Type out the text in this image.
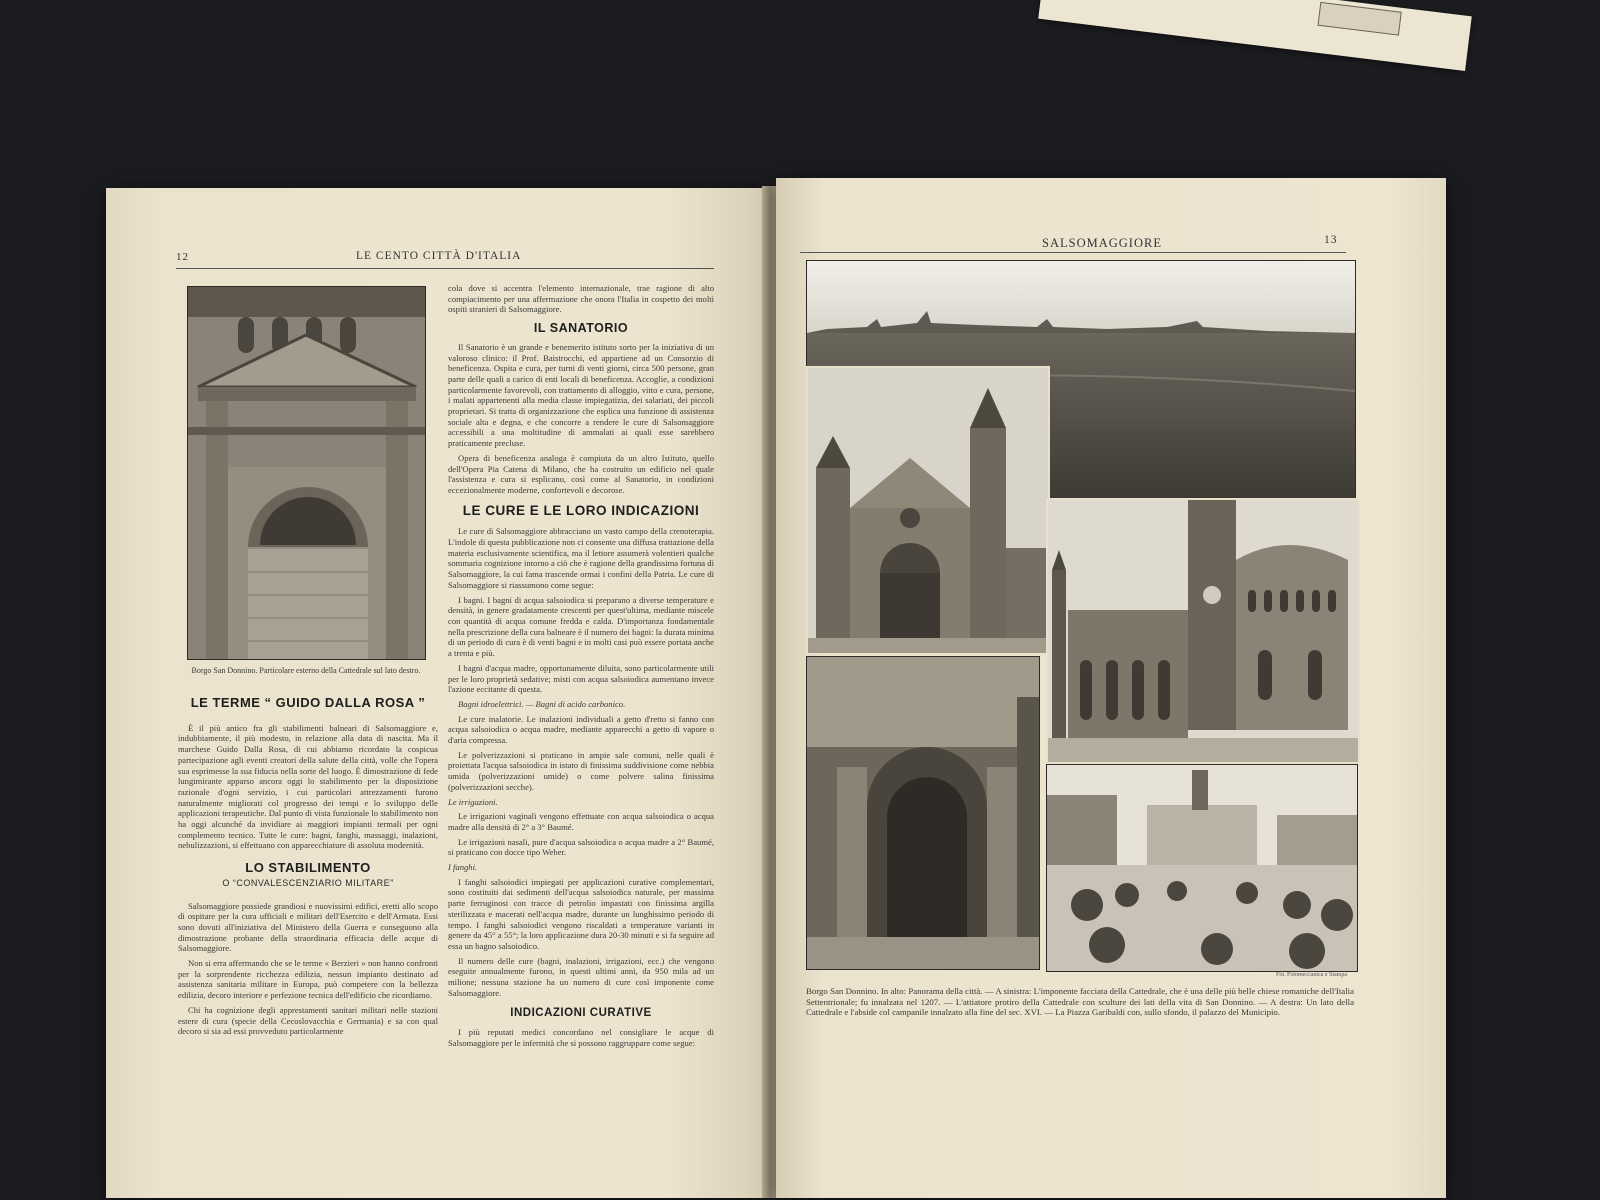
12	LE CENTO CITTÀ D'ITALIA
Borgo San Donnino. Particolare esterno della Cattedrale sul lato destro.
LE TERME “ GUIDO DALLA ROSA ”

È il più antico fra gli stabilimenti balneari di Salsomaggiore e, indubbiamente, il più modesto, in relazione alla data di nascita. Ma il marchese Guido Dalla Rosa, di cui abbiamo ricordato la cospicua partecipazione agli eventi creatori della salute della città, volle che l'opera sua esprimesse la sua fiducia nella sorte del luogo. È dimostrazione di fede lungimirante apparso ancora oggi lo stabilimento per la disposizione razionale d'ogni servizio, i cui particolari attrezzamenti furono naturalmente migliorati col progresso dei tempi e lo sviluppo delle applicazioni terapeutiche. Dal punto di vista funzionale lo stabilimento non ha oggi alcunché da invidiare ai maggiori impianti termali per ogni complemento tecnico. Tutte le cure: bagni, fanghi, massaggi, inalazioni, nebulizzazioni, si effettuano con apparecchiature di assoluta modernità.

LO STABILIMENTO
O “CONVALESCENZIARIO MILITARE”

Salsomaggiore possiede grandiosi e nuovissimi edifici, eretti allo scopo di ospitare per la cura ufficiali e militari dell'Esercito e dell'Armata. Essi sono dovuti all'iniziativa del Ministero della Guerra e conseguono alla dimostrazione probante della straordinaria efficacia delle acque di Salsomaggiore.

Non si erra affermando che se le terme « Berzieri » non hanno confronti per la sorprendente ricchezza edilizia, nessun impianto destinato ad assistenza sanitaria militare in Europa, può competere con la bellezza edilizia, decoro interiore e perfezione tecnica dell'edificio che ricordiamo.

Chi ha cognizione degli apprestamenti sanitari militari nelle stazioni estere di cura (specie della Cecoslovacchia e Germania) e sa con qual decoro si sia ad essi provveduto particolarmente

cola dove si accentra l'elemento internazionale, trae ragione di alto compiacimento per una affermazione che onora l'Italia in cospetto dei molti ospiti stranieri di Salsomaggiore.

IL SANATORIO

Il Sanatorio è un grande e benemerito istituto sorto per la iniziativa di un valoroso clinico: il Prof. Baistrocchi, ed appartiene ad un Consorzio di beneficenza. Ospita e cura, per turni di venti giorni, circa 500 persone, gran parte delle quali a carico di enti locali di beneficenza. Accoglie, a condizioni particolarmente favorevoli, con trattamento di alloggio, vitto e cura, persone, i malati appartenenti alla media classe impiegatizia, dei salariati, dei piccoli proprietari. Si tratta di organizzazione che esplica una funzione di assistenza sociale alta e degna, e che concorre a rendere le cure di Salsomaggiore accessibili a una moltitudine di ammalati ai quali esse sarebbero praticamente precluse.

Opera di beneficenza analoga è compiuta da un altro Istituto, quello dell'Opera Pia Catena di Milano, che ha costruito un edificio nel quale l'assistenza e cura si esplicano, così come al Sanatorio, in condizioni eccezionalmente moderne, confortevoli e decorose.

LE CURE E LE LORO INDICAZIONI

Le cure di Salsomaggiore abbracciano un vasto campo della crenoterapia. L'indole di questa pubblicazione non ci consente una diffusa trattazione della materia esclusivamente scientifica, ma il lettore assumerà volentieri qualche sommaria cognizione intorno a ciò che è ragione della grandissima fortuna di Salsomaggiore, la cui fama trascende ormai i confini della Patria. Le cure di Salsomaggiore si riassumono come segue:

I bagni. I bagni di acqua salsoiodica si preparano a diverse temperature e densità, in genere gradatamente crescenti per quest'ultima, mediante miscele con quantità di acqua comune fredda e calda. D'importanza fondamentale nella prescrizione della cura balneare è il numero dei bagni: la durata minima di un periodo di cura è di venti bagni e in molti casi può essere portata anche a trenta e più.

I bagni d'acqua madre, opportunamente diluita, sono particolarmente utili per le loro proprietà sedative; misti con acqua salsoiodica aumentano invece l'azione eccitante di questa.

Bagni idroelettrici. — Bagni di acido carbonico.

Le cure inalatorie. Le inalazioni individuali a getto d'retto si fanno con acqua salsoiodica o acqua madre, mediante apparecchi a getto di vapore o d'aria compressa.

Le polverizzazioni si praticano in ampie sale comuni, nelle quali è proiettata l'acqua salsoiodica in istato di finissima suddivisione come nebbia umida (polverizzazioni umide) o come polvere salina finissima (polverizzazioni secche).

Le irrigazioni.

Le irrigazioni vaginali vengono effettuate con acqua salsoiodica o acqua madre alla densità di 2° a 3° Baumé.

Le irrigazioni nasali, pure d'acqua salsoiodica o acqua madre a 2° Baumé, si praticano con docce tipo Weber.

I fanghi.

I fanghi salsoiodici impiegati per applicazioni curative complementari, sono costituiti dai sedimenti dell'acqua salsoiodica naturale, per massima parte ferruginosi con tracce di petrolio impastati con finissima argilla sterilizzata e macerati nell'acqua madre, durante un lunghissimo periodo di tempo. I fanghi salsoiodici vengono riscaldati a temperature varianti in genere da 45° a 55°; la loro applicazione dura 20-30 minuti e si fa seguire ad essa un bagno salsoiodico.

Il numero delle cure (bagni, inalazioni, irrigazioni, ecc.) che vengono eseguite annualmente furono, in questi ultimi anni, da 950 mila ad un milione; nessuna stazione ha un numero di cure così imponente come Salsomaggiore.

INDICAZIONI CURATIVE

I più reputati medici concordano nel consigliare le acque di Salsomaggiore per le infermità che si possono raggruppare come segue:

SALSOMAGGIORE	13
Fot. Fotomeccanica e Stampa
Borgo San Donnino. In alto: Panorama della città. — A sinistra: L'imponente facciata della Cattedrale, che è una delle più belle chiese romaniche dell'Italia Settentrionale; fu innalzata nel 1207. — L'attiatore protiro della Cattedrale con sculture dei lati della vita di San Donnino. — A destra: Un lato della Cattedrale e l'abside col campanile innalzato alla fine del sec. XVI. — La Piazza Garibaldi con, sullo sfondo, il palazzo del Municipio.
